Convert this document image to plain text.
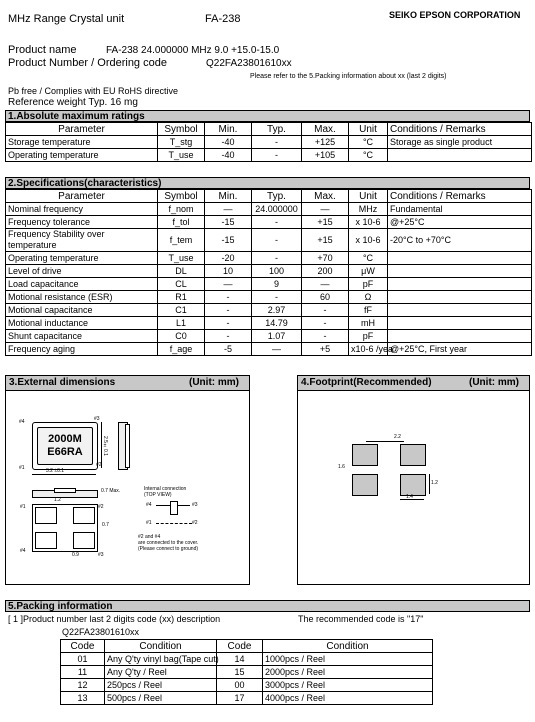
MHz Range Crystal unit	FA-238	SEIKO EPSON CORPORATION
Product name	FA-238 24.000000 MHz 9.0 +15.0-15.0
Product Number / Ordering code	Q22FA23801610xx
Please refer to the 5.Packing information about xx (last 2 digits)
Pb free / Complies with EU RoHS directive
Reference weight Typ. 16 mg
1.Absolute maximum ratings
Parameter	Symbol	Min.	Typ.	Max.	Unit	Conditions / Remarks
Storage temperature	T_stg	-40	-	+125	°C	Storage as single product
Operating temperature	T_use	-40	-	+105	°C	
2.Specifications(characteristics)
Parameter	Symbol	Min.	Typ.	Max.	Unit	Conditions / Remarks
Nominal frequency	f_nom	—	24.000000	—	MHz	Fundamental
Frequency tolerance	f_tol	-15	-	+15	x 10-6	@+25°C
Frequency Stability over temperature	f_tem	-15	-	+15	x 10-6	-20°C to +70°C
Operating temperature	T_use	-20	-	+70	°C	
Level of drive	DL	10	100	200	μW	
Load capacitance	CL	—	9	—	pF	
Motional resistance (ESR)	R1	-	-	60	Ω	
Motional capacitance	C1	-	2.97	-	fF	
Motional inductance	L1	-	14.79	-	mH	
Shunt capacitance	C0	-	1.07	-	pF	
Frequency aging	f_age	-5	—	+5	x10-6 /yea	@+25°C, First year
3.External dimensions	(Unit: mm)
#4	#3
2000M
E66RA
#1	#2
3.2 ±0.1
2.5±0.1
0.7 Max.
1.2
#1	#2
#4
#3
0.7
0.9
Internal connection
(TOP VIEW)
#4	#3
#1	#2
#2 and #4
are connected to the cover.
(Please connect to ground)
4.Footprint(Recommended)	(Unit: mm)
2.2
1.6
1.2
1.4
5.Packing information
[ 1 ]Product number last 2 digits code (xx) description	The recommended code is "17"
Q22FA23801610xx
Code	Condition	Code	Condition
01	Any Q'ty vinyl bag(Tape cut)	14	1000pcs / Reel
11	Any Q'ty / Reel	15	2000pcs / Reel
12	250pcs / Reel	00	3000pcs / Reel
13	500pcs / Reel	17	4000pcs / Reel
